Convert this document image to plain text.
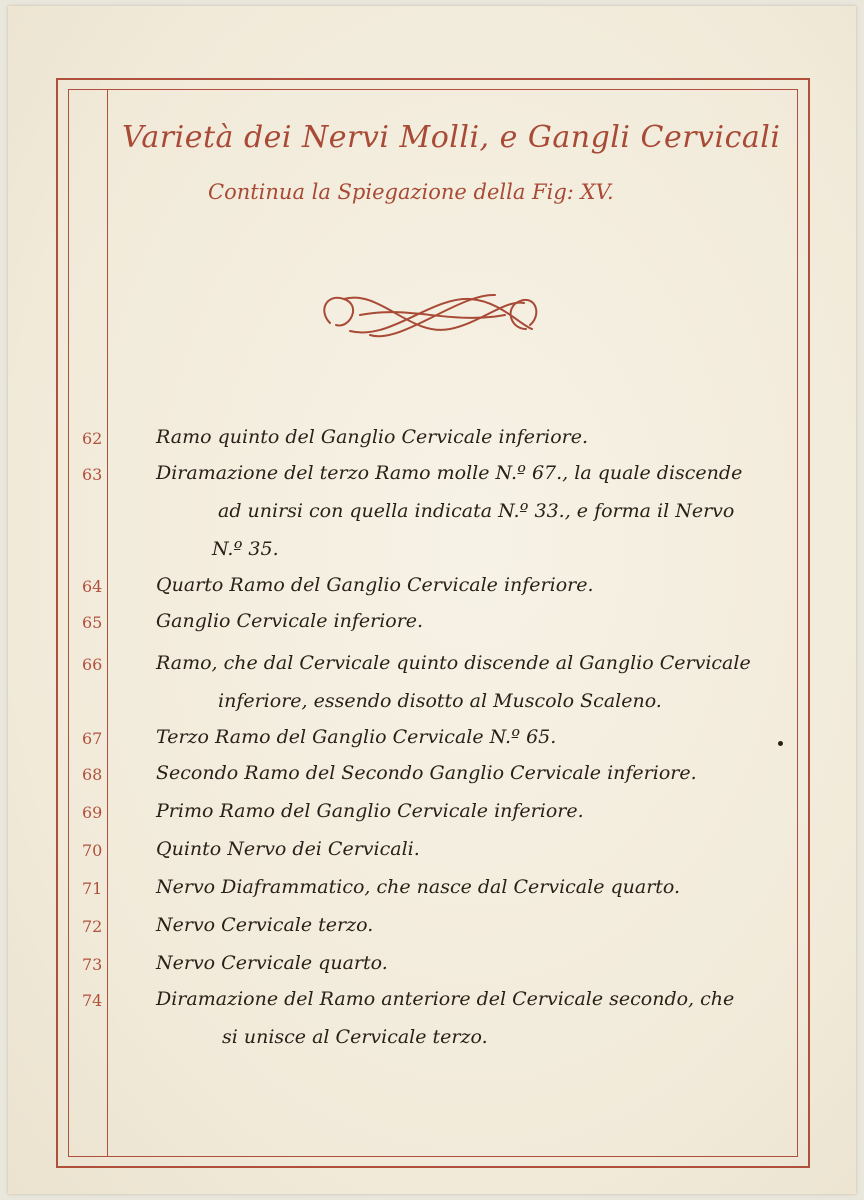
Varietà dei Nervi Molli, e Gangli Cervicali
Continua la Spiegazione della Fig: XV.
62	Ramo quinto del Ganglio Cervicale inferiore.
63	Diramazione del terzo Ramo molle N.º 67., la quale discende
ad unirsi con quella indicata N.º 33., e forma il Nervo
N.º 35.
64	Quarto Ramo del Ganglio Cervicale inferiore.
65	Ganglio Cervicale inferiore.
66	Ramo, che dal Cervicale quinto discende al Ganglio Cervicale
inferiore, essendo disotto al Muscolo Scaleno.
67	Terzo Ramo del Ganglio Cervicale N.º 65.
68	Secondo Ramo del Secondo Ganglio Cervicale inferiore.
69	Primo Ramo del Ganglio Cervicale inferiore.
70	Quinto Nervo dei Cervicali.
71	Nervo Diaframmatico, che nasce dal Cervicale quarto.
72	Nervo Cervicale terzo.
73	Nervo Cervicale quarto.
74	Diramazione del Ramo anteriore del Cervicale secondo, che
si unisce al Cervicale terzo.
